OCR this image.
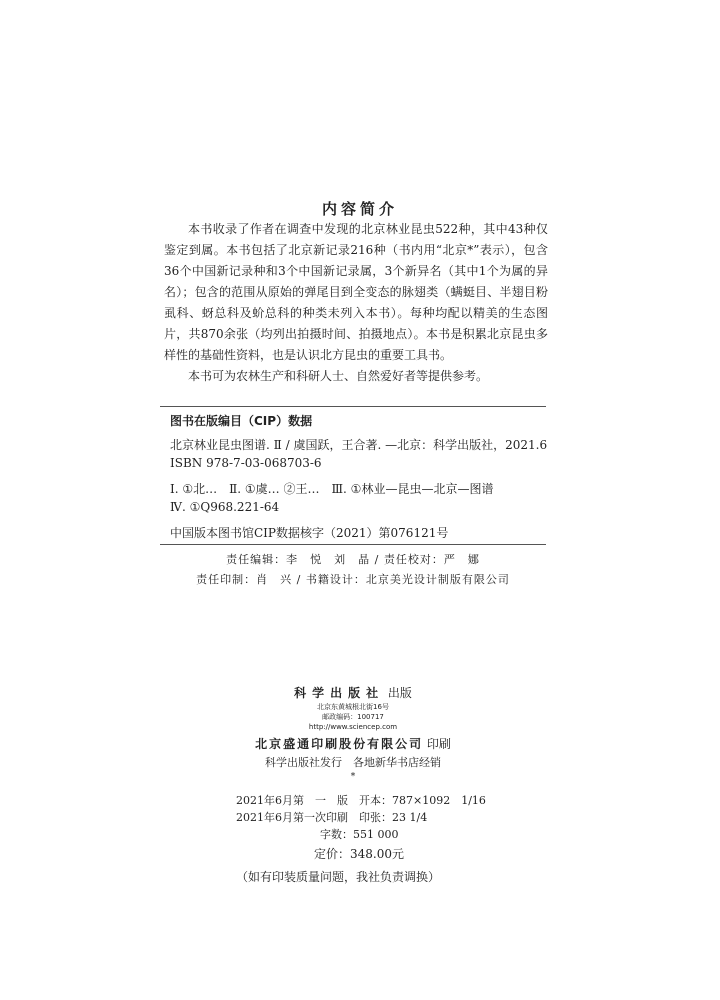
内容简介

本书收录了作者在调查中发现的北京林业昆虫522种，其中43种仅鉴定到属。本书包括了北京新记录216种（书内用“北京*”表示），包含36个中国新记录种和3个中国新记录属，3个新异名（其中1个为属的异名）；包含的范围从原始的弹尾目到全变态的脉翅类（螨蜓目、半翅目粉虱科、蚜总科及蚧总科的种类未列入本书）。每种均配以精美的生态图片，共870余张（均列出拍摄时间、拍摄地点）。本书是积累北京昆虫多样性的基础性资料，也是认识北方昆虫的重要工具书。

本书可为农林生产和科研人士、自然爱好者等提供参考。

图书在版编目（CIP）数据
北京林业昆虫图谱. Ⅱ / 虞国跃，王合著. —北京：科学出版社，2021.6
ISBN 978-7-03-068703-6
Ⅰ. ①北…　Ⅱ. ①虞… ②王…　Ⅲ. ①林业—昆虫—北京—图谱
Ⅳ. ①Q968.221-64
中国版本图书馆CIP数据核字（2021）第076121号
责任编辑：李　悦　刘　晶 / 责任校对：严　娜
责任印制：肖　兴 / 书籍设计：北京美光设计制版有限公司
科学出版社 出版
北京东黄城根北街16号
邮政编码：100717
http://www.sciencep.com
北京盛通印刷股份有限公司 印刷
科学出版社发行　各地新华书店经销
*
2021年6月第　一　版　开本：787×1092　1/16
2021年6月第一次印刷　印张：23 1/4
字数：551 000
定价：348.00元
（如有印装质量问题，我社负责调换）
